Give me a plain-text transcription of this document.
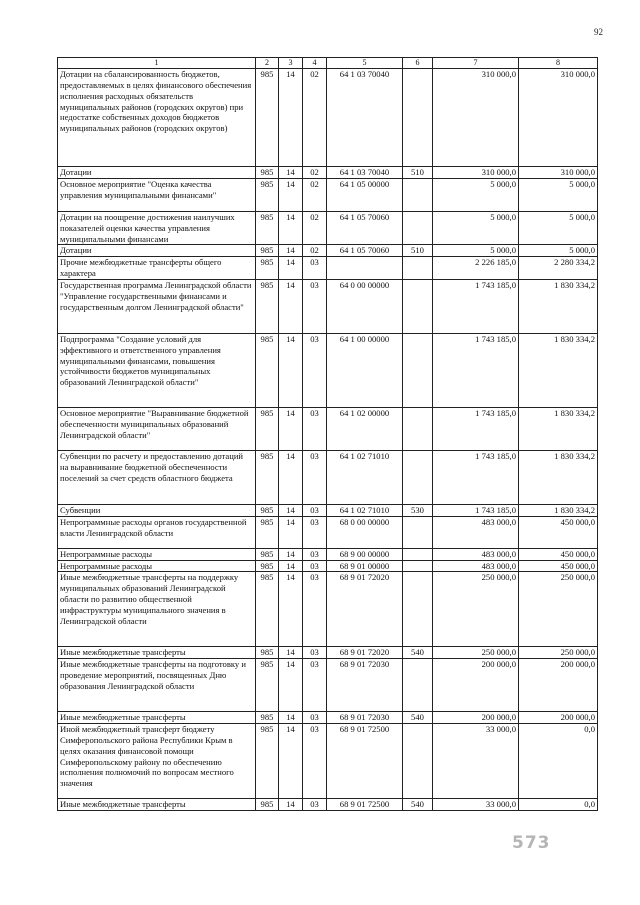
92
1	2	3	4	5	6	7	8
Дотации на сбалансированность бюджетов, предоставляемых в целях финансового обеспечения исполнения расходных обязательств муниципальных районов (городских округов) при недостатке собственных доходов бюджетов муниципальных районов (городских округов)	985	14	02	64 1 03 70040		310 000,0	310 000,0
Дотации	985	14	02	64 1 03 70040	510	310 000,0	310 000,0
Основное мероприятие "Оценка качества управления муниципальными финансами"	985	14	02	64 1 05 00000		5 000,0	5 000,0
Дотации на поощрение достижения наилучших показателей оценки качества управления муниципальными финансами	985	14	02	64 1 05 70060		5 000,0	5 000,0
Дотации	985	14	02	64 1 05 70060	510	5 000,0	5 000,0
Прочие межбюджетные трансферты общего характера	985	14	03			2 226 185,0	2 280 334,2
Государственная программа Ленинградской области "Управление государственными финансами и государственным долгом Ленинградской области"	985	14	03	64 0 00 00000		1 743 185,0	1 830 334,2
Подпрограмма "Создание условий для эффективного и ответственного управления муниципальными финансами, повышения устойчивости бюджетов муниципальных образований Ленинградской области"	985	14	03	64 1 00 00000		1 743 185,0	1 830 334,2
Основное мероприятие "Выравнивание бюджетной обеспеченности муниципальных образований Ленинградской области"	985	14	03	64 1 02 00000		1 743 185,0	1 830 334,2
Субвенции по расчету и предоставлению дотаций на выравнивание бюджетной обеспеченности поселений за счет средств областного бюджета	985	14	03	64 1 02 71010		1 743 185,0	1 830 334,2
Субвенции	985	14	03	64 1 02 71010	530	1 743 185,0	1 830 334,2
Непрограммные расходы органов государственной власти Ленинградской области	985	14	03	68 0 00 00000		483 000,0	450 000,0
Непрограммные расходы	985	14	03	68 9 00 00000		483 000,0	450 000,0
Непрограммные расходы	985	14	03	68 9 01 00000		483 000,0	450 000,0
Иные межбюджетные трансферты на поддержку муниципальных образований Ленинградской области по развитию общественной инфраструктуры муниципального значения в Ленинградской области	985	14	03	68 9 01 72020		250 000,0	250 000,0
Иные межбюджетные трансферты	985	14	03	68 9 01 72020	540	250 000,0	250 000,0
Иные межбюджетные трансферты на подготовку и проведение мероприятий, посвященных Дню образования Ленинградской области	985	14	03	68 9 01 72030		200 000,0	200 000,0
Иные межбюджетные трансферты	985	14	03	68 9 01 72030	540	200 000,0	200 000,0
Иной межбюджетный трансферт бюджету Симферопольского района Республики Крым в целях оказания финансовой помощи Симферопольскому району по обеспечению исполнения полномочий по вопросам местного значения	985	14	03	68 9 01 72500		33 000,0	0,0
Иные межбюджетные трансферты	985	14	03	68 9 01 72500	540	33 000,0	0,0
573
